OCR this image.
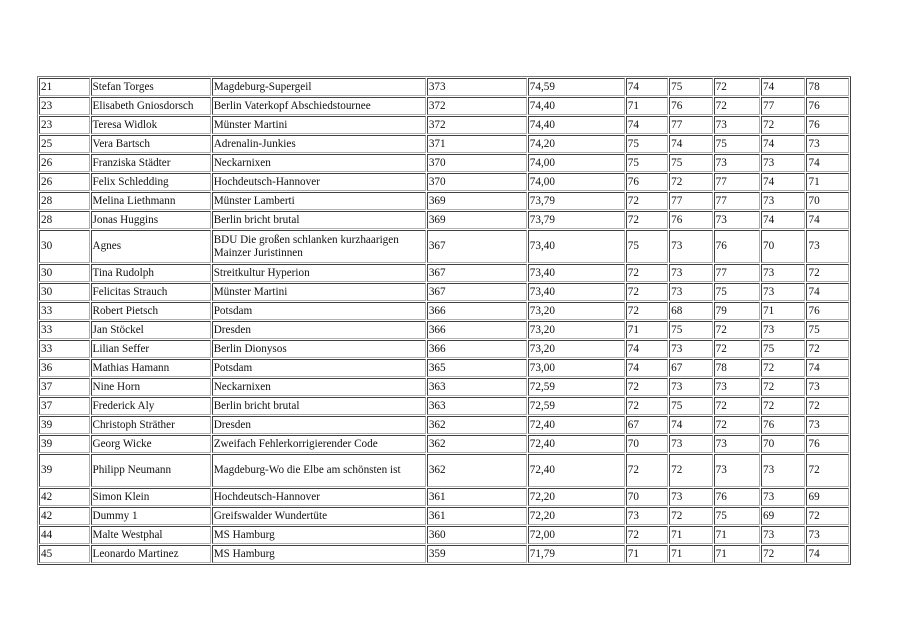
21	Stefan Torges	Magdeburg-Supergeil	373	74,59	74	75	72	74	78
23	Elisabeth Gniosdorsch	Berlin Vaterkopf Abschiedstournee	372	74,40	71	76	72	77	76
23	Teresa Widlok	Münster Martini	372	74,40	74	77	73	72	76
25	Vera Bartsch	Adrenalin-Junkies	371	74,20	75	74	75	74	73
26	Franziska Städter	Neckarnixen	370	74,00	75	75	73	73	74
26	Felix Schledding	Hochdeutsch-Hannover	370	74,00	76	72	77	74	71
28	Melina Liethmann	Münster Lamberti	369	73,79	72	77	77	73	70
28	Jonas Huggins	Berlin bricht brutal	369	73,79	72	76	73	74	74
30	Agnes	BDU Die großen schlanken kurzhaarigen Mainzer Juristinnen	367	73,40	75	73	76	70	73
30	Tina Rudolph	Streitkultur Hyperion	367	73,40	72	73	77	73	72
30	Felicitas Strauch	Münster Martini	367	73,40	72	73	75	73	74
33	Robert Pietsch	Potsdam	366	73,20	72	68	79	71	76
33	Jan Stöckel	Dresden	366	73,20	71	75	72	73	75
33	Lilian Seffer	Berlin Dionysos	366	73,20	74	73	72	75	72
36	Mathias Hamann	Potsdam	365	73,00	74	67	78	72	74
37	Nine Horn	Neckarnixen	363	72,59	72	73	73	72	73
37	Frederick Aly	Berlin bricht brutal	363	72,59	72	75	72	72	72
39	Christoph Sträther	Dresden	362	72,40	67	74	72	76	73
39	Georg Wicke	Zweifach Fehlerkorrigierender Code	362	72,40	70	73	73	70	76
39	Philipp Neumann	Magdeburg-Wo die Elbe am schönsten ist	362	72,40	72	72	73	73	72
42	Simon Klein	Hochdeutsch-Hannover	361	72,20	70	73	76	73	69
42	Dummy 1	Greifswalder Wundertüte	361	72,20	73	72	75	69	72
44	Malte Westphal	MS Hamburg	360	72,00	72	71	71	73	73
45	Leonardo Martinez	MS Hamburg	359	71,79	71	71	71	72	74
